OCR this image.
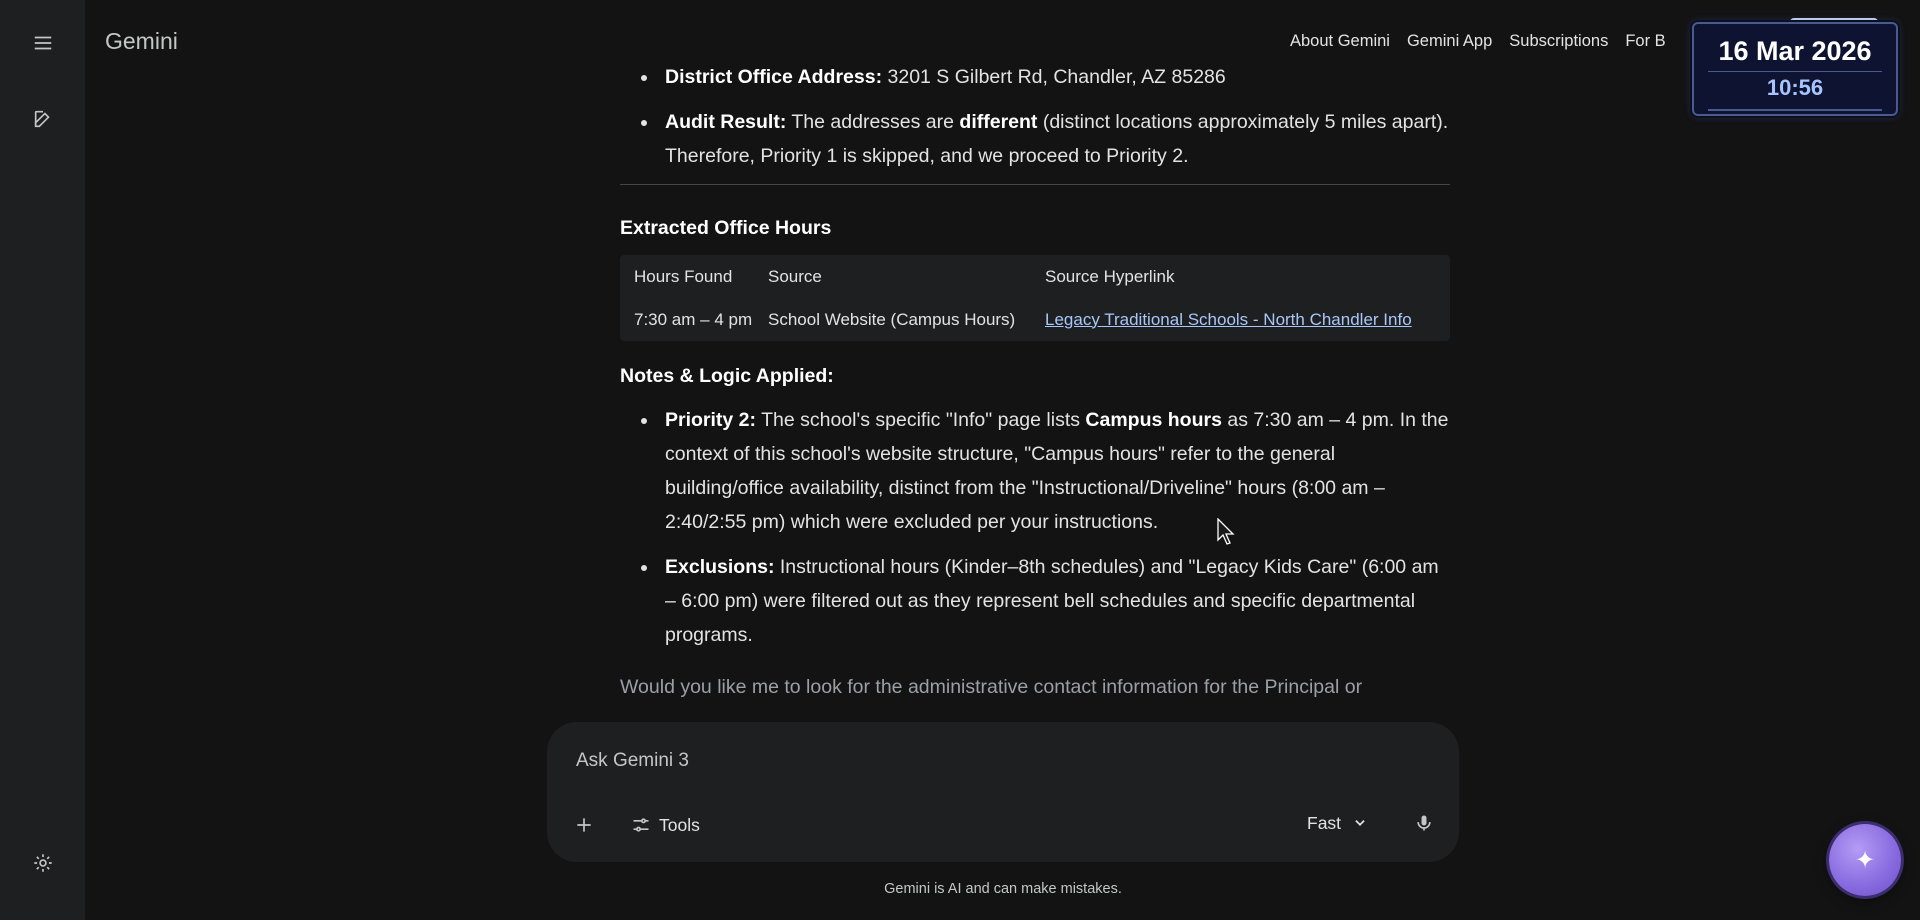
Gemini	About Gemini Gemini App Subscriptions For B	16 Mar 2026
10:56
District Office Address: 3201 S Gilbert Rd, Chandler, AZ 85286
Audit Result: The addresses are different (distinct locations approximately 5 miles apart). Therefore, Priority 1 is skipped, and we proceed to Priority 2.
Extracted Office Hours
Hours Found	Source	Source Hyperlink
7:30 am – 4 pm School Website (Campus Hours)	Legacy Traditional Schools - North Chandler Info
Notes & Logic Applied:
Priority 2: The school's specific "Info" page lists Campus hours as 7:30 am – 4 pm. In the context of this school's website structure, "Campus hours" refer to the general building/office availability, distinct from the "Instructional/Driveline" hours (8:00 am – 2:40/2:55 pm) which were excluded per your instructions.
Exclusions: Instructional hours (Kinder–8th schedules) and "Legacy Kids Care" (6:00 am – 6:00 pm) were filtered out as they represent bell schedules and specific departmental programs.
Would you like me to look for the administrative contact information for the Principal or
Ask Gemini 3
Tools	Fast
Gemini is AI and can make mistakes.
✦
